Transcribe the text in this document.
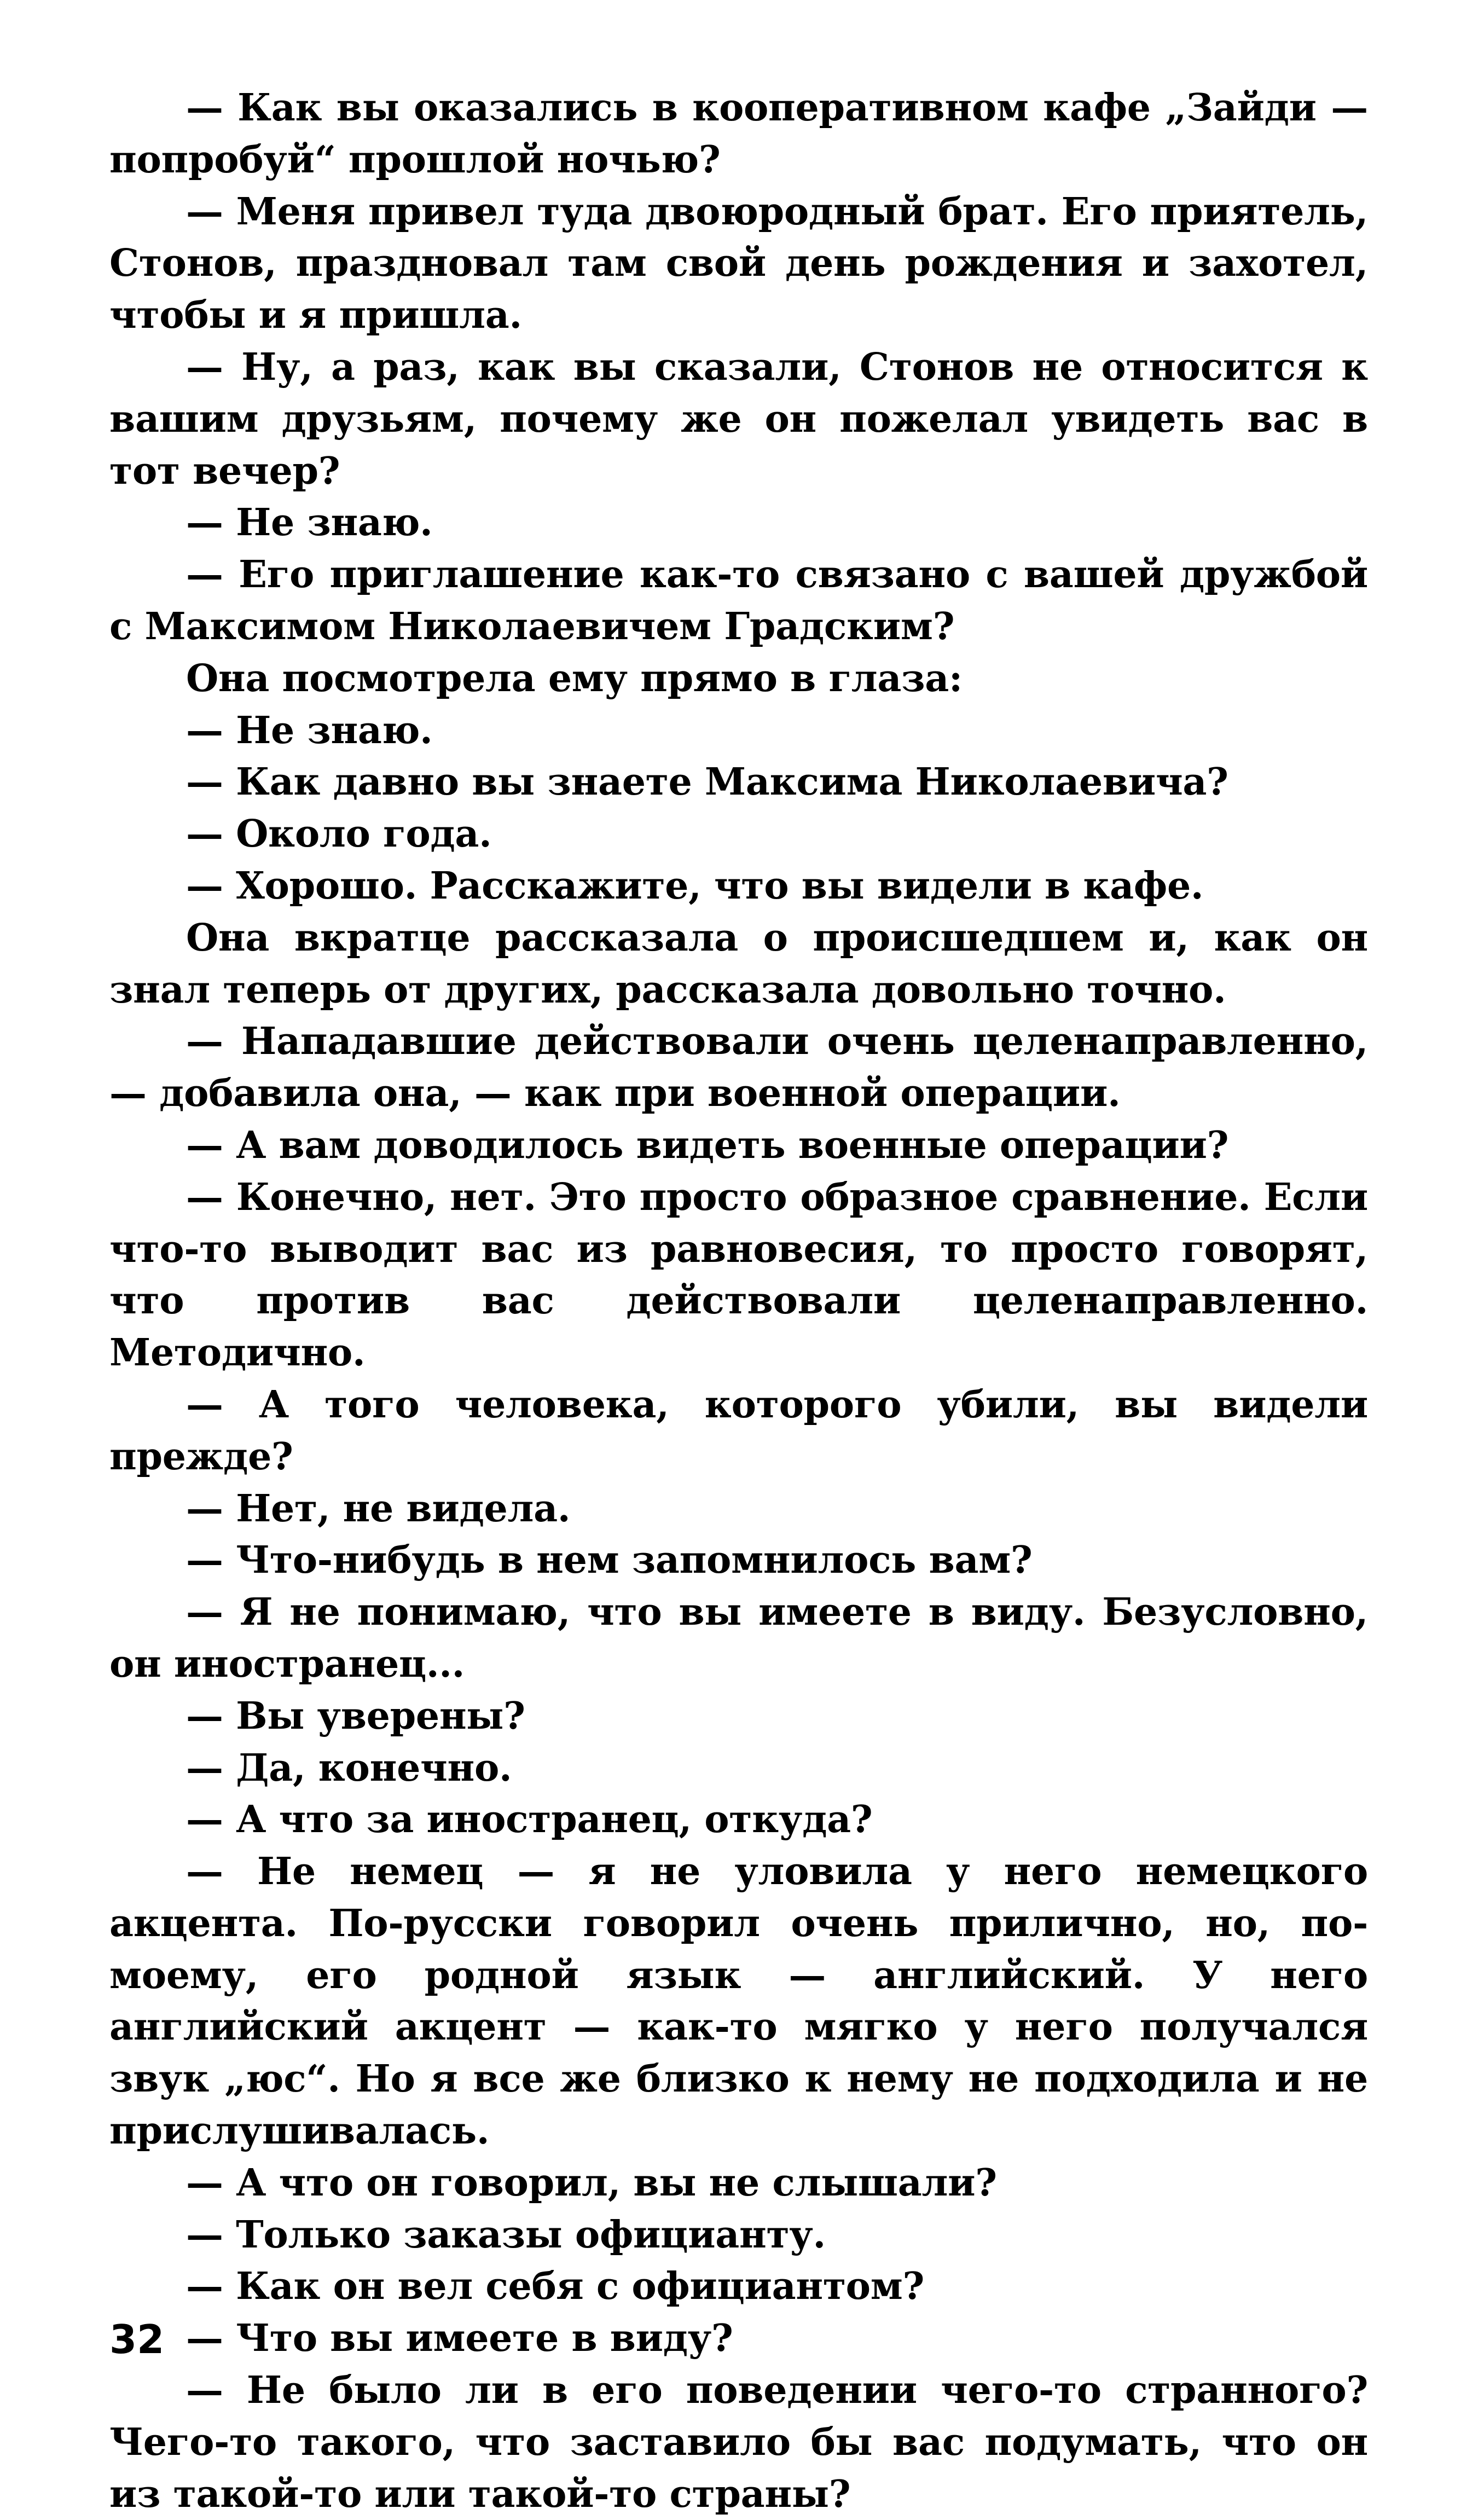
— Как вы оказались в кооперативном кафе „Зайди — попробуй“ прошлой ночью?

— Меня привел туда двоюродный брат. Его приятель, Стонов, праздновал там свой день рождения и захотел, чтобы и я пришла.

— Ну, а раз, как вы сказали, Стонов не относится к вашим друзьям, почему же он пожелал увидеть вас в тот вечер?

— Не знаю.

— Его приглашение как-то связано с вашей дружбой с Максимом Николаевичем Градским?

Она посмотрела ему прямо в глаза:

— Не знаю.

— Как давно вы знаете Максима Николаевича?

— Около года.

— Хорошо. Расскажите, что вы видели в кафе.

Она вкратце рассказала о происшедшем и, как он знал теперь от других, рассказала довольно точно.

— Нападавшие действовали очень целенаправленно, — добавила она, — как при военной операции.

— А вам доводилось видеть военные операции?

— Конечно, нет. Это просто образное сравнение. Если что-то выводит вас из равновесия, то просто говорят, что против вас действовали целенаправленно. Методично.

— А того человека, которого убили, вы видели прежде?

— Нет, не видела.

— Что-нибудь в нем запомнилось вам?

— Я не понимаю, что вы имеете в виду. Безусловно, он иностранец...

— Вы уверены?

— Да, конечно.

— А что за иностранец, откуда?

— Не немец — я не уловила у него немецкого акцента. По-русски говорил очень прилично, но, по-моему, его родной язык — английский. У него английский акцент — как-то мягко у него получался звук „юс“. Но я все же близко к нему не подходила и не прислушивалась.

— А что он говорил, вы не слышали?

— Только заказы официанту.

— Как он вел себя с официантом?

— Что вы имеете в виду?

— Не было ли в его поведении чего-то странного? Чего-то такого, что заставило бы вас подумать, что он из такой-то или такой-то страны?

32
